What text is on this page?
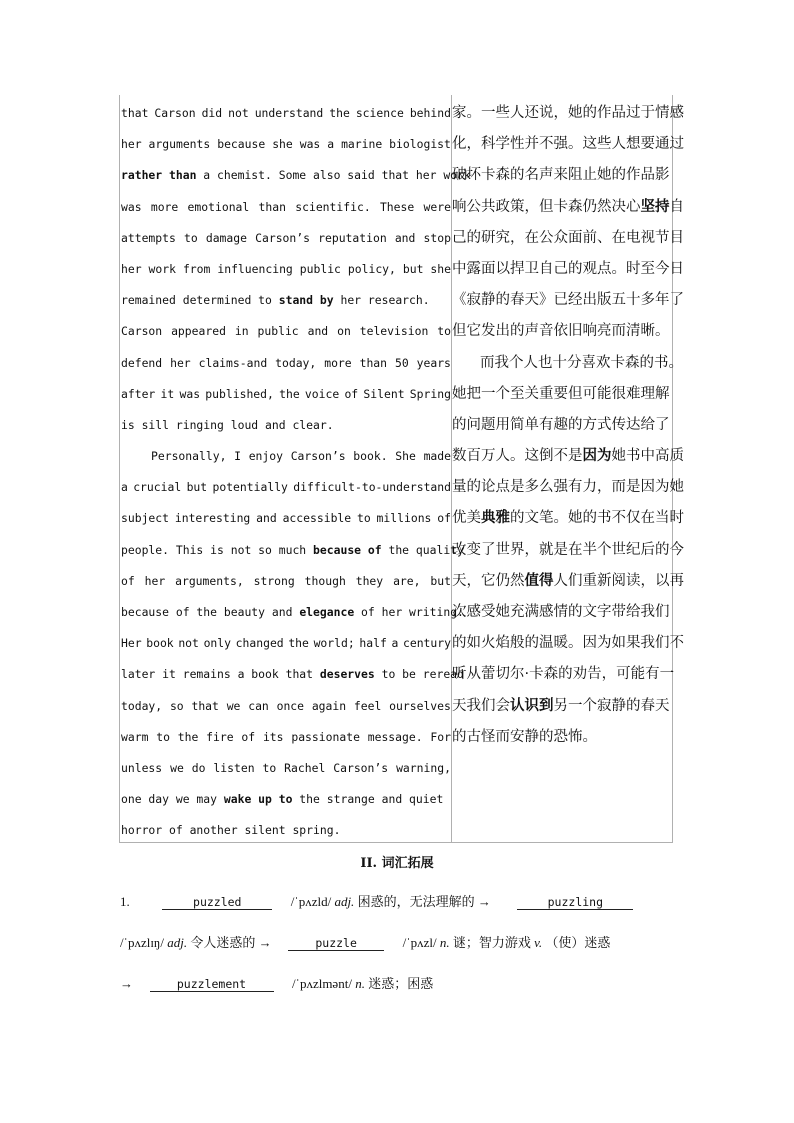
that Carson did not understand the science behind
her arguments because she was a marine biologist
rather than a chemist. Some also said that her work
was more emotional than scientific. These were
attempts to damage Carson’s reputation and stop
her work from influencing public policy, but she
remained determined to stand by her research.
Carson appeared in public and on television to
defend her claims-and today, more than 50 years
after it was published, the voice of Silent Spring
is sill ringing loud and clear.
Personally, I enjoy Carson’s book. She made
a crucial but potentially difficult-to-understand
subject interesting and accessible to millions of
people. This is not so much because of the quality
of her arguments, strong though they are, but
because of the beauty and elegance of her writing.
Her book not only changed the world; half a century
later it remains a book that deserves to be reread
today, so that we can once again feel ourselves
warm to the fire of its passionate message. For
unless we do listen to Rachel Carson’s warning,
one day we may wake up to the strange and quiet
horror of another silent spring.
家。一些人还说，她的作品过于情感
化，科学性并不强。这些人想要通过
破坏卡森的名声来阻止她的作品影
响公共政策，但卡森仍然决心坚持自
己的研究，在公众面前、在电视节目
中露面以捍卫自己的观点。时至今日
《寂静的春天》已经出版五十多年了
但它发出的声音依旧响亮而清晰。
而我个人也十分喜欢卡森的书。
她把一个至关重要但可能很难理解
的问题用简单有趣的方式传达给了
数百万人。这倒不是因为她书中高质
量的论点是多么强有力，而是因为她
优美典雅的文笔。她的书不仅在当时
改变了世界，就是在半个世纪后的今
天，它仍然值得人们重新阅读，以再
次感受她充满感情的文字带给我们
的如火焰般的温暖。因为如果我们不
听从蕾切尔·卡森的劝告，可能有一
天我们会认识到另一个寂静的春天
的古怪而安静的恐怖。
II. 词汇拓展
1.	puzzled	/ˈpʌzld/ adj. 困惑的，无法理解的 →	puzzling
/ˈpʌzlɪŋ/ adj. 令人迷惑的 →	puzzle	/ˈpʌzl/ n. 谜；智力游戏 v. （使）迷惑
→	puzzlement	/ˈpʌzlmənt/ n. 迷惑；困惑
